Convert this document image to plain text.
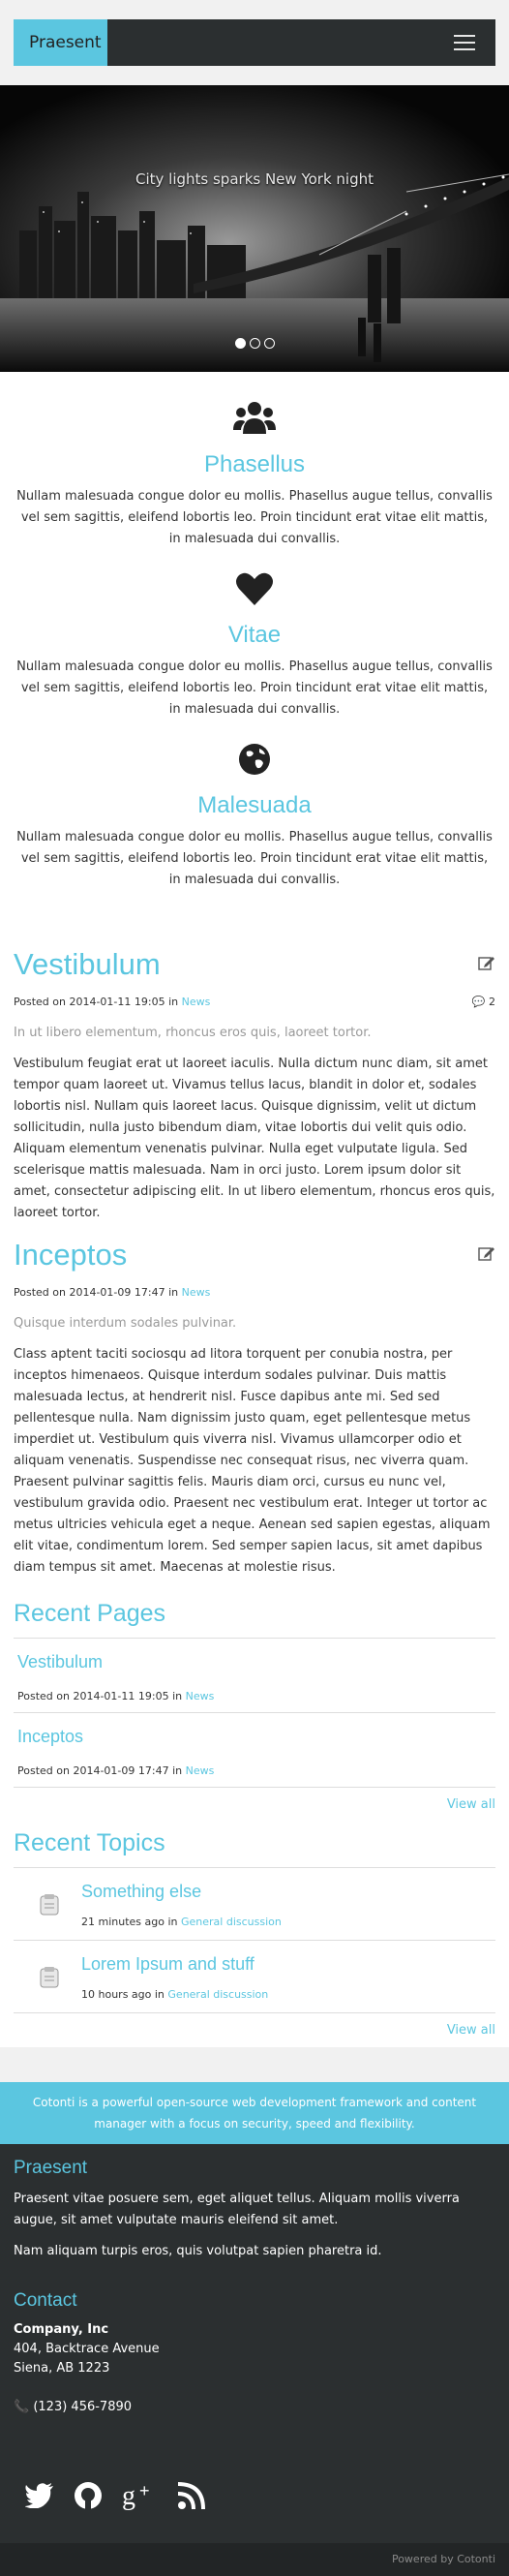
Praesent
City lights sparks New York night
Phasellus

Nullam malesuada congue dolor eu mollis. Phasellus augue tellus, convallis vel sem sagittis, eleifend lobortis leo. Proin tincidunt erat vitae elit mattis, in malesuada dui convallis.

Vitae

Nullam malesuada congue dolor eu mollis. Phasellus augue tellus, convallis vel sem sagittis, eleifend lobortis leo. Proin tincidunt erat vitae elit mattis, in malesuada dui convallis.

Malesuada

Nullam malesuada congue dolor eu mollis. Phasellus augue tellus, convallis vel sem sagittis, eleifend lobortis leo. Proin tincidunt erat vitae elit mattis, in malesuada dui convallis.

Vestibulum
Posted on 2014-01-11 19:05 in News	💬 2
In ut libero elementum, rhoncus eros quis, laoreet tortor.
Vestibulum feugiat erat ut laoreet iaculis. Nulla dictum nunc diam, sit amet tempor quam laoreet ut. Vivamus tellus lacus, blandit in dolor et, sodales lobortis nisl. Nullam quis laoreet lacus. Quisque dignissim, velit ut dictum sollicitudin, nulla justo bibendum diam, vitae lobortis dui velit quis odio. Aliquam elementum venenatis pulvinar. Nulla eget vulputate ligula. Sed scelerisque mattis malesuada. Nam in orci justo. Lorem ipsum dolor sit amet, consectetur adipiscing elit. In ut libero elementum, rhoncus eros quis, laoreet tortor.
Inceptos
Posted on 2014-01-09 17:47 in News
Quisque interdum sodales pulvinar.
Class aptent taciti sociosqu ad litora torquent per conubia nostra, per inceptos himenaeos. Quisque interdum sodales pulvinar. Duis mattis malesuada lectus, at hendrerit nisl. Fusce dapibus ante mi. Sed sed pellentesque nulla. Nam dignissim justo quam, eget pellentesque metus imperdiet ut. Vestibulum quis viverra nisl. Vivamus ullamcorper odio et aliquam venenatis. Suspendisse nec consequat risus, nec viverra quam. Praesent pulvinar sagittis felis. Mauris diam orci, cursus eu nunc vel, vestibulum gravida odio. Praesent nec vestibulum erat. Integer ut tortor ac metus ultricies vehicula eget a neque. Aenean sed sapien egestas, aliquam elit vitae, condimentum lorem. Sed semper sapien lacus, sit amet dapibus diam tempus sit amet. Maecenas at molestie risus.
Recent Pages
Vestibulum
Posted on 2014-01-11 19:05 in News
Inceptos
Posted on 2014-01-09 17:47 in News
View all
Recent Topics
Something else
21 minutes ago in General discussion
Lorem Ipsum and stuff
10 hours ago in General discussion
View all
Cotonti is a powerful open-source web development framework and content manager with a focus on security, speed and flexibility.
Praesent

Praesent vitae posuere sem, eget aliquet tellus. Aliquam mollis viverra augue, sit amet vulputate mauris eleifend sit amet.

Nam aliquam turpis eros, quis volutpat sapien pharetra id.

Contact
Company, Inc
404, Backtrace Avenue
Siena, AB 1223
📞 (123) 456-7890
g +
Powered by Cotonti
